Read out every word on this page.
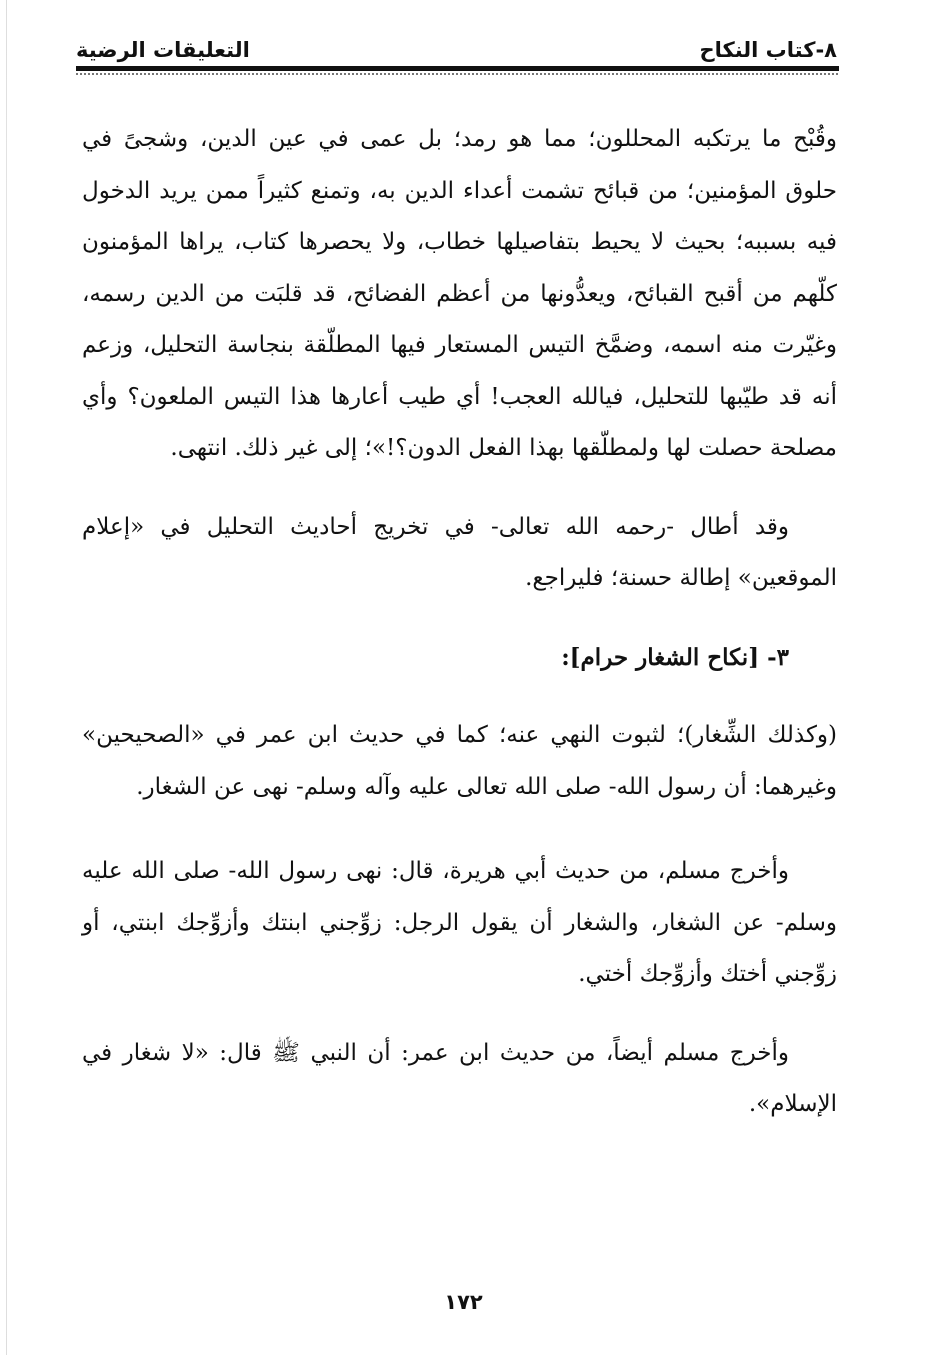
٨-كتاب النكاح
التعليقات الرضية

وقُبْح ما يرتكبه المحللون؛ مما هو رمد؛ بل عمى في عين الدين، وشجىً في حلوق المؤمنين؛ من قبائح تشمت أعداء الدين به، وتمنع كثيراً ممن يريد الدخول فيه بسببه؛ بحيث لا يحيط بتفاصيلها خطاب، ولا يحصرها كتاب، يراها المؤمنون كلّهم من أقبح القبائح، ويعدُّونها من أعظم الفضائح، قد قلبَت من الدين رسمه، وغيّرت منه اسمه، وضمَّخ التيس المستعار فيها المطلّقة بنجاسة التحليل، وزعم أنه قد طيّبها للتحليل، فيالله العجب! أي طيب أعارها هذا التيس الملعون؟ وأي مصلحة حصلت لها ولمطلّقها بهذا الفعل الدون؟!»؛ إلى غير ذلك. انتهى.

وقد أطال -رحمه الله تعالى- في تخريج أحاديث التحليل في «إعلام الموقعين» إطالة حسنة؛ فليراجع.

٣- [نكاح الشغار حرام]:

(وكذلك الشِّغار)؛ لثبوت النهي عنه؛ كما في حديث ابن عمر في «الصحيحين» وغيرهما: أن رسول الله- صلى الله تعالى عليه وآله وسلم- نهى عن الشغار.

وأخرج مسلم، من حديث أبي هريرة، قال: نهى رسول الله- صلى الله عليه وسلم- عن الشغار، والشغار أن يقول الرجل: زوِّجني ابنتك وأزوِّجك ابنتي، أو زوِّجني أختك وأزوِّجك أختي.

وأخرج مسلم أيضاً، من حديث ابن عمر: أن النبي ﷺ قال: «لا شغار في الإسلام».

١٧٢
